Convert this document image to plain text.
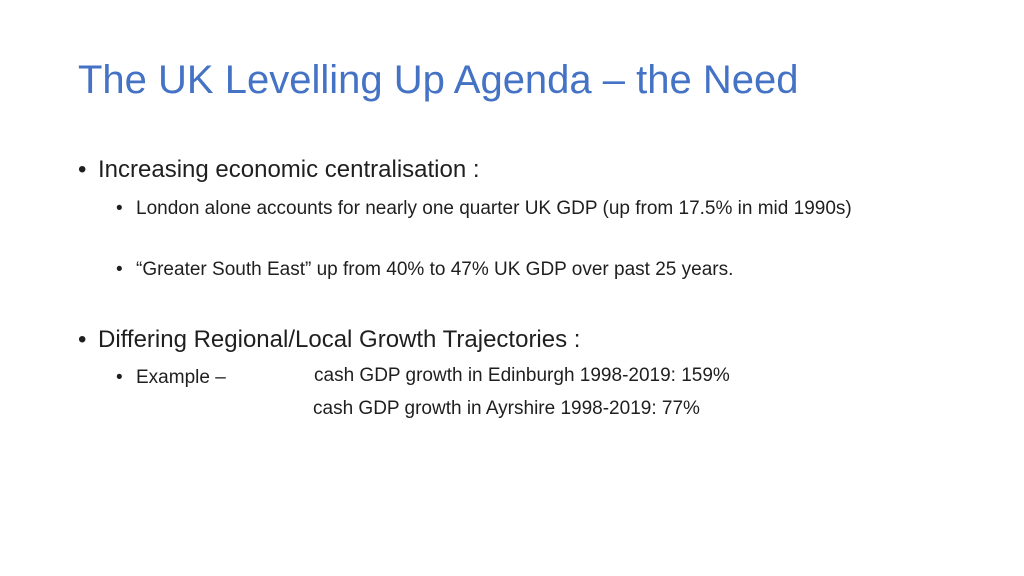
The UK Levelling Up Agenda – the Need
• Increasing economic centralisation :
• London alone accounts for nearly one quarter UK GDP (up from 17.5% in mid 1990s)
• “Greater South East” up from 40% to 47% UK GDP over past 25 years.
• Differing Regional/Local Growth Trajectories :
• Example –	cash GDP growth in Edinburgh 1998-2019: 159%
cash GDP growth in Ayrshire 1998-2019: 77%
